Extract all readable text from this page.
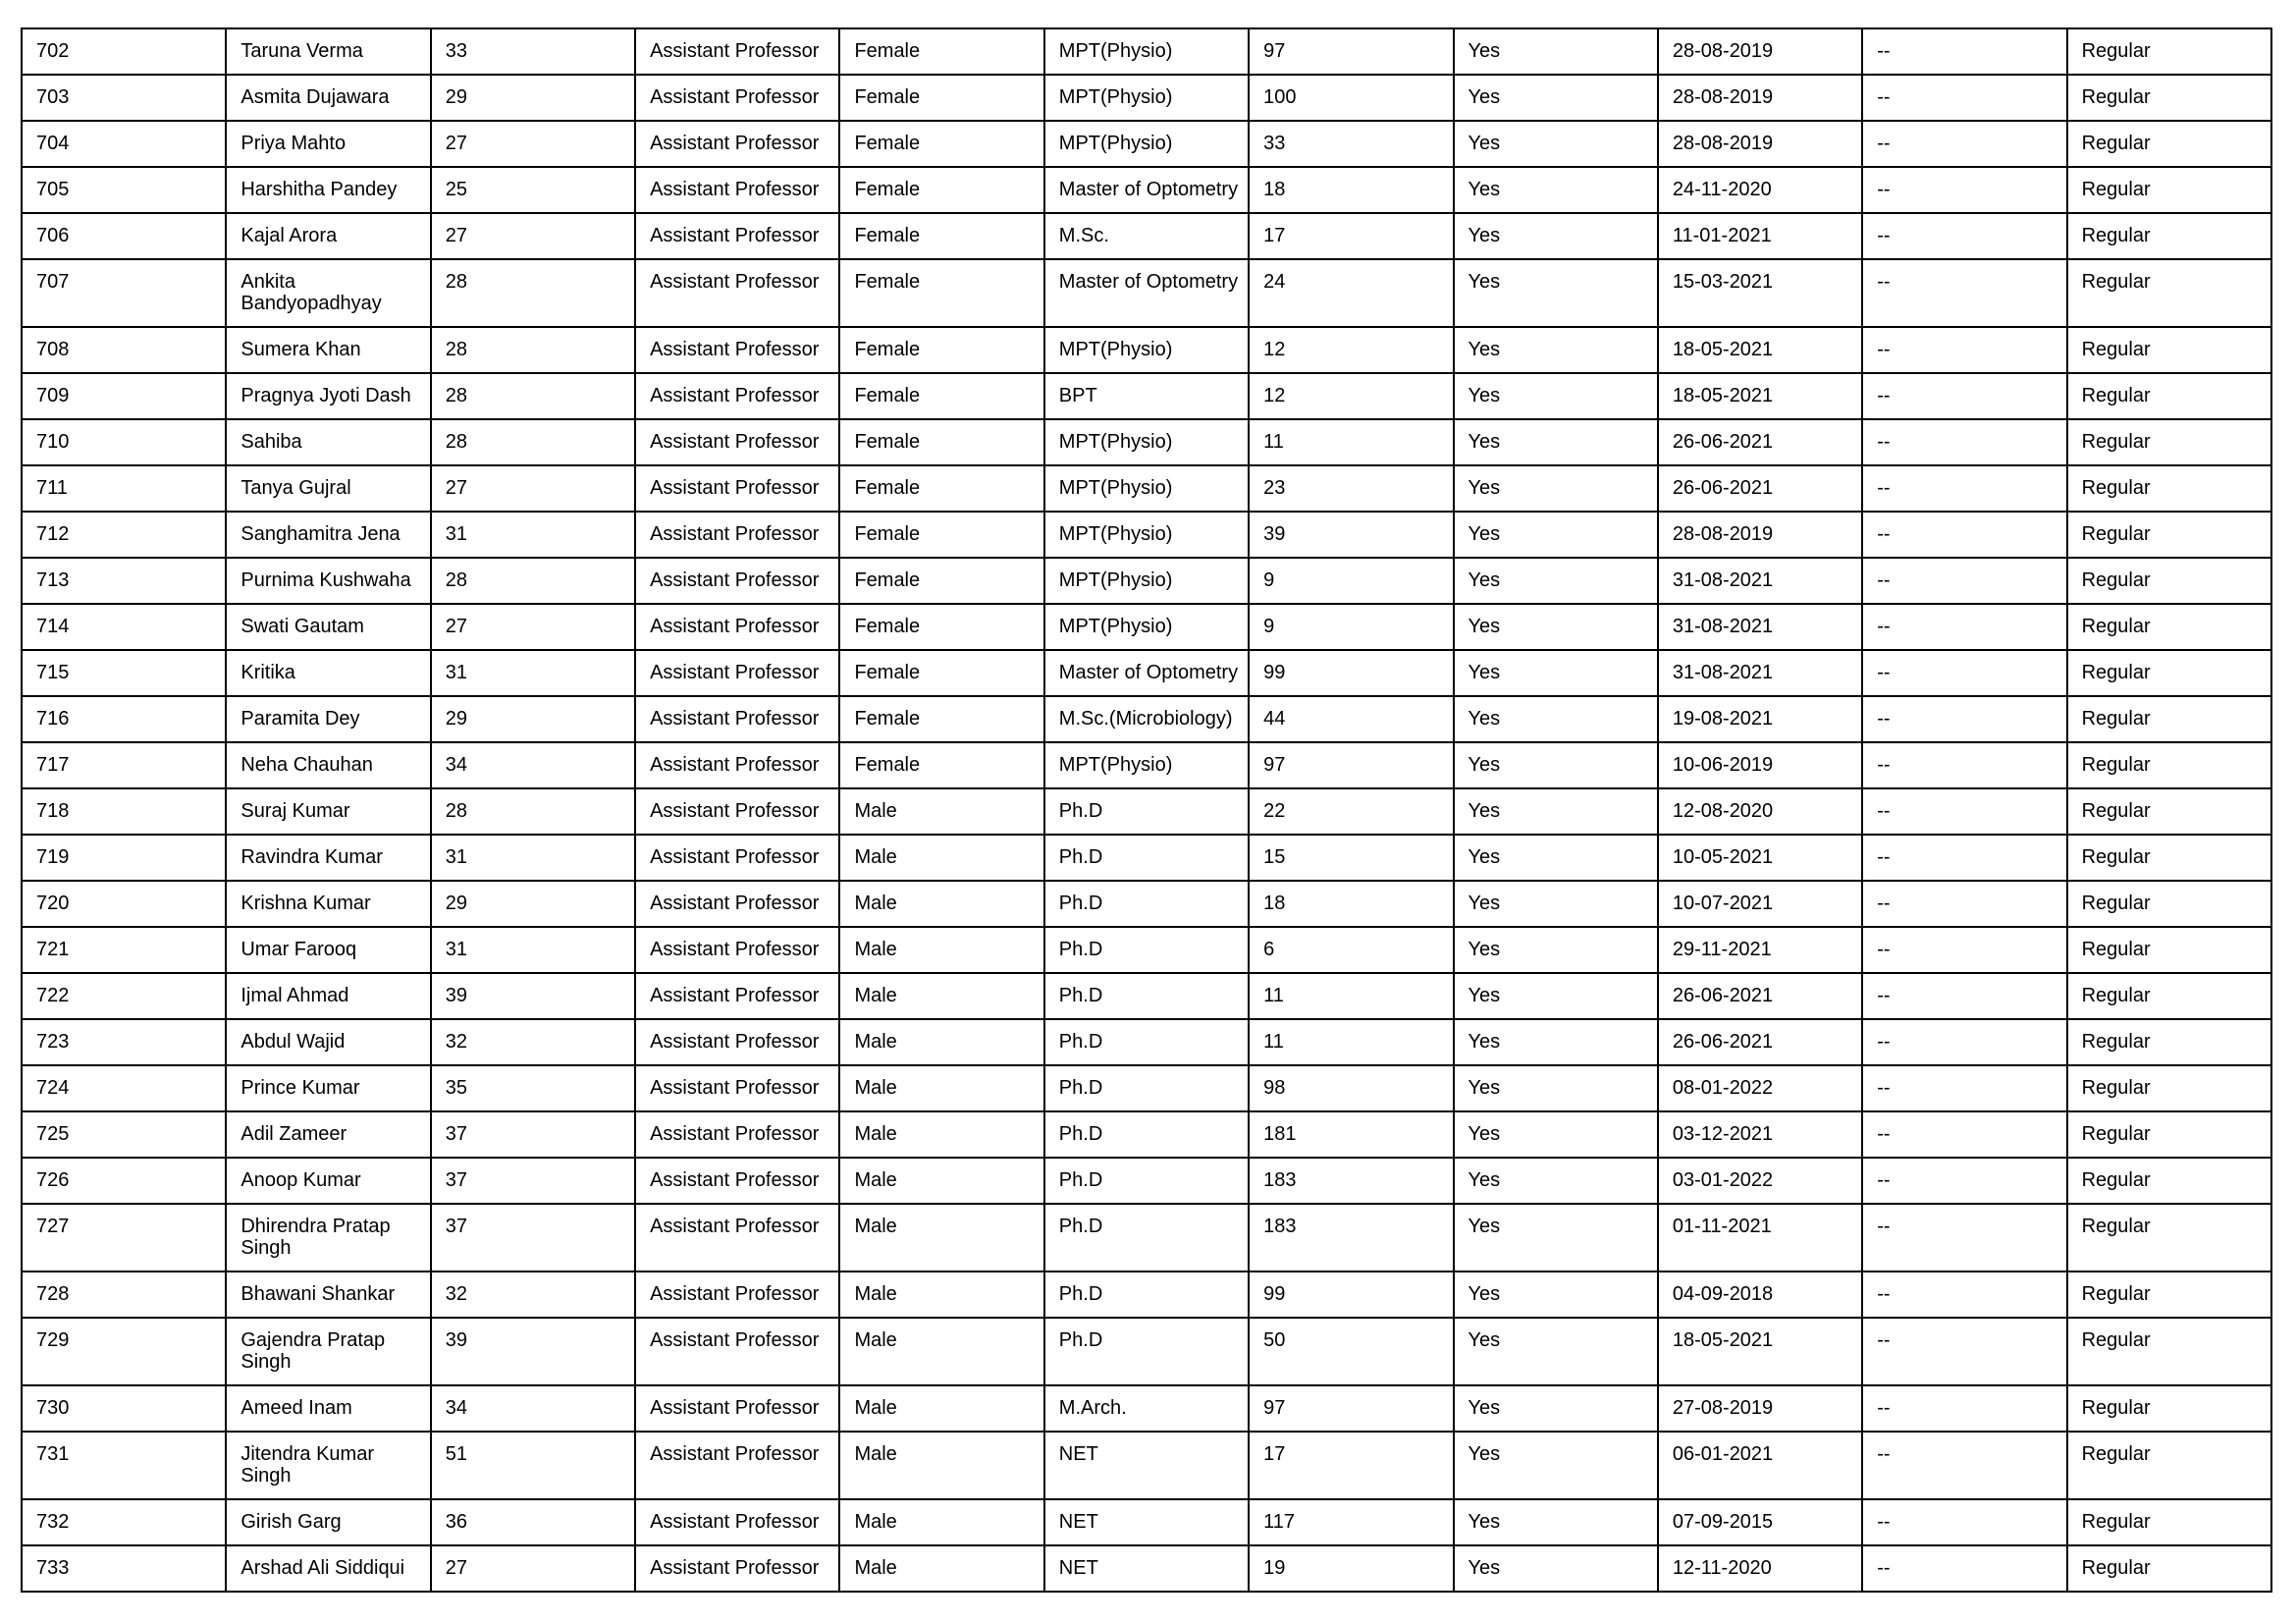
702	Taruna Verma	33	Assistant Professor	Female	MPT(Physio)	97	Yes	28-08-2019	--	Regular
703	Asmita Dujawara	29	Assistant Professor	Female	MPT(Physio)	100	Yes	28-08-2019	--	Regular
704	Priya Mahto	27	Assistant Professor	Female	MPT(Physio)	33	Yes	28-08-2019	--	Regular
705	Harshitha Pandey	25	Assistant Professor	Female	Master of Optometry	18	Yes	24-11-2020	--	Regular
706	Kajal Arora	27	Assistant Professor	Female	M.Sc.	17	Yes	11-01-2021	--	Regular
707	Ankita Bandyopadhyay	28	Assistant Professor	Female	Master of Optometry	24	Yes	15-03-2021	--	Regular
708	Sumera Khan	28	Assistant Professor	Female	MPT(Physio)	12	Yes	18-05-2021	--	Regular
709	Pragnya Jyoti Dash	28	Assistant Professor	Female	BPT	12	Yes	18-05-2021	--	Regular
710	Sahiba	28	Assistant Professor	Female	MPT(Physio)	11	Yes	26-06-2021	--	Regular
711	Tanya Gujral	27	Assistant Professor	Female	MPT(Physio)	23	Yes	26-06-2021	--	Regular
712	Sanghamitra Jena	31	Assistant Professor	Female	MPT(Physio)	39	Yes	28-08-2019	--	Regular
713	Purnima Kushwaha	28	Assistant Professor	Female	MPT(Physio)	9	Yes	31-08-2021	--	Regular
714	Swati Gautam	27	Assistant Professor	Female	MPT(Physio)	9	Yes	31-08-2021	--	Regular
715	Kritika	31	Assistant Professor	Female	Master of Optometry	99	Yes	31-08-2021	--	Regular
716	Paramita Dey	29	Assistant Professor	Female	M.Sc.(Microbiology)	44	Yes	19-08-2021	--	Regular
717	Neha Chauhan	34	Assistant Professor	Female	MPT(Physio)	97	Yes	10-06-2019	--	Regular
718	Suraj Kumar	28	Assistant Professor	Male	Ph.D	22	Yes	12-08-2020	--	Regular
719	Ravindra Kumar	31	Assistant Professor	Male	Ph.D	15	Yes	10-05-2021	--	Regular
720	Krishna Kumar	29	Assistant Professor	Male	Ph.D	18	Yes	10-07-2021	--	Regular
721	Umar Farooq	31	Assistant Professor	Male	Ph.D	6	Yes	29-11-2021	--	Regular
722	Ijmal Ahmad	39	Assistant Professor	Male	Ph.D	11	Yes	26-06-2021	--	Regular
723	Abdul Wajid	32	Assistant Professor	Male	Ph.D	11	Yes	26-06-2021	--	Regular
724	Prince Kumar	35	Assistant Professor	Male	Ph.D	98	Yes	08-01-2022	--	Regular
725	Adil Zameer	37	Assistant Professor	Male	Ph.D	181	Yes	03-12-2021	--	Regular
726	Anoop Kumar	37	Assistant Professor	Male	Ph.D	183	Yes	03-01-2022	--	Regular
727	Dhirendra Pratap Singh	37	Assistant Professor	Male	Ph.D	183	Yes	01-11-2021	--	Regular
728	Bhawani Shankar	32	Assistant Professor	Male	Ph.D	99	Yes	04-09-2018	--	Regular
729	Gajendra Pratap Singh	39	Assistant Professor	Male	Ph.D	50	Yes	18-05-2021	--	Regular
730	Ameed Inam	34	Assistant Professor	Male	M.Arch.	97	Yes	27-08-2019	--	Regular
731	Jitendra Kumar Singh	51	Assistant Professor	Male	NET	17	Yes	06-01-2021	--	Regular
732	Girish Garg	36	Assistant Professor	Male	NET	117	Yes	07-09-2015	--	Regular
733	Arshad Ali Siddiqui	27	Assistant Professor	Male	NET	19	Yes	12-11-2020	--	Regular
